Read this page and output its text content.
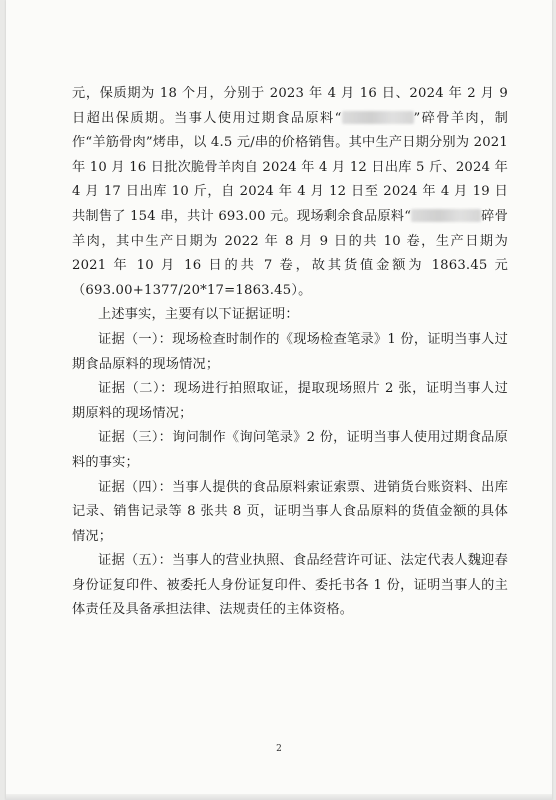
元，保质期为 18 个月，分别于 2023 年 4 月 16 日、2024 年 2 月 9 日超出保质期。当事人使用过期食品原料“	”碎骨羊肉，制作“羊筋骨肉”烤串，以 4.5 元/串的价格销售。其中生产日期分别为 2021 年 10 月 16 日批次脆骨羊肉自 2024 年 4 月 12 日出库 5 斤、2024 年 4 月 17 日出库 10 斤，自 2024 年 4 月 12 日至 2024 年 4 月 19 日共制售了 154 串，共计 693.00 元。现场剩余食品原料“	碎骨羊肉，其中生产日期为 2022 年 8 月 9 日的共 10 卷，生产日期为 2021 年 10 月 16 日的共 7 卷，故其货值金额为 1863.45 元（693.00+1377/20*17=1863.45）。

上述事实，主要有以下证据证明：

证据（一）：现场检查时制作的《现场检查笔录》1 份，证明当事人过期食品原料的现场情况；

证据（二）：现场进行拍照取证，提取现场照片 2 张，证明当事人过期原料的现场情况；

证据（三）：询问制作《询问笔录》2 份，证明当事人使用过期食品原料的事实；

证据（四）：当事人提供的食品原料索证索票、进销货台账资料、出库记录、销售记录等 8 张共 8 页，证明当事人食品原料的货值金额的具体情况；

证据（五）：当事人的营业执照、食品经营许可证、法定代表人魏迎春身份证复印件、被委托人身份证复印件、委托书各 1 份，证明当事人的主体责任及具备承担法律、法规责任的主体资格。

2
